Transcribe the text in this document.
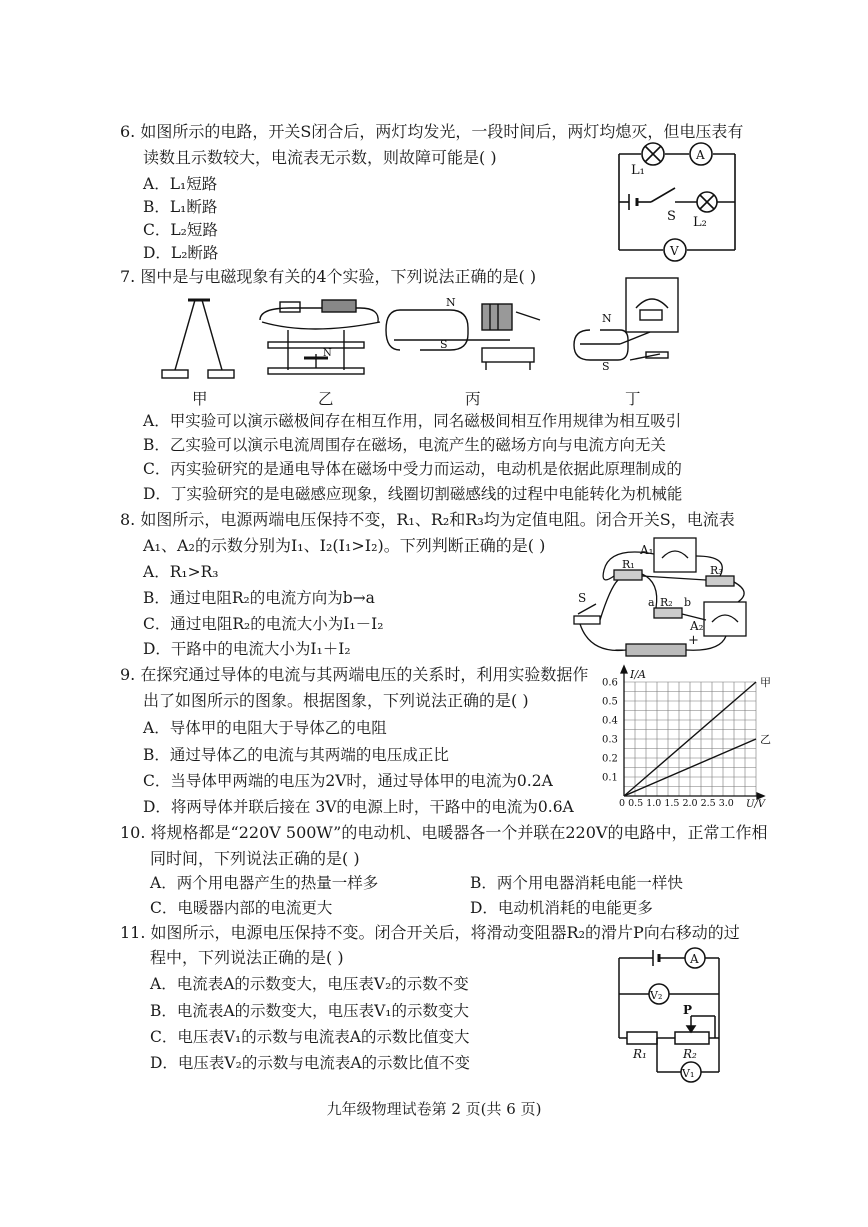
6. 如图所示的电路，开关S闭合后，两灯均发光，一段时间后，两灯均熄灭，但电压表有
读数且示数较大，电流表无示数，则故障可能是( )
A．L₁短路
B．L₁断路
C．L₂短路
D．L₂断路
L₁
A
S L₂
V
7. 图中是与电磁现象有关的4个实验，下列说法正确的是( )
N
S
N
N
S
甲	乙	丙	丁
A．甲实验可以演示磁极间存在相互作用，同名磁极间相互作用规律为相互吸引
B．乙实验可以演示电流周围存在磁场，电流产生的磁场方向与电流方向无关
C．丙实验研究的是通电导体在磁场中受力而运动，电动机是依据此原理制成的
D．丁实验研究的是电磁感应现象，线圈切割磁感线的过程中电能转化为机械能
8. 如图所示，电源两端电压保持不变，R₁、R₂和R₃均为定值电阻。闭合开关S，电流表
A₁、A₂的示数分别为I₁、I₂(I₁>I₂)。下列判断正确的是( )
A．R₁>R₃
B．通过电阻R₂的电流方向为b→a
C．通过电阻R₂的电流大小为I₁－I₂
D．干路中的电流大小为I₁＋I₂
A₁
R₁	R₃
R₂
a	b
S
A₂
−
+
9. 在探究通过导体的电流与其两端电压的关系时，利用实验数据作
出了如图所示的图象。根据图象，下列说法正确的是( )
A．导体甲的电阻大于导体乙的电阻
B．通过导体乙的电流与其两端的电压成正比
C．当导体甲两端的电压为2V时，通过导体甲的电流为0.2A
D．将两导体并联后接在 3V的电源上时，干路中的电流为0.6A
I/A
U/V
0 0.5 1.0 1.5 2.0 2.5 3.0
0.1
0.2
0.3
0.4
0.5
0.6	甲
乙
10. 将规格都是“220V 500W”的电动机、电暖器各一个并联在220V的电路中，正常工作相
同时间，下列说法正确的是( )
A．两个用电器产生的热量一样多	B．两个用电器消耗电能一样快
C．电暖器内部的电流更大	D．电动机消耗的电能更多
11. 如图所示，电源电压保持不变。闭合开关后，将滑动变阻器R₂的滑片P向右移动的过
程中，下列说法正确的是( )
A．电流表A的示数变大，电压表V₂的示数不变
B．电流表A的示数变大，电压表V₁的示数变大
C．电压表V₁的示数与电流表A的示数比值变大
D．电压表V₂的示数与电流表A的示数比值不变
A
V₂
P
R₁	R₂
V₁
九年级物理试卷第 2 页(共 6 页)
